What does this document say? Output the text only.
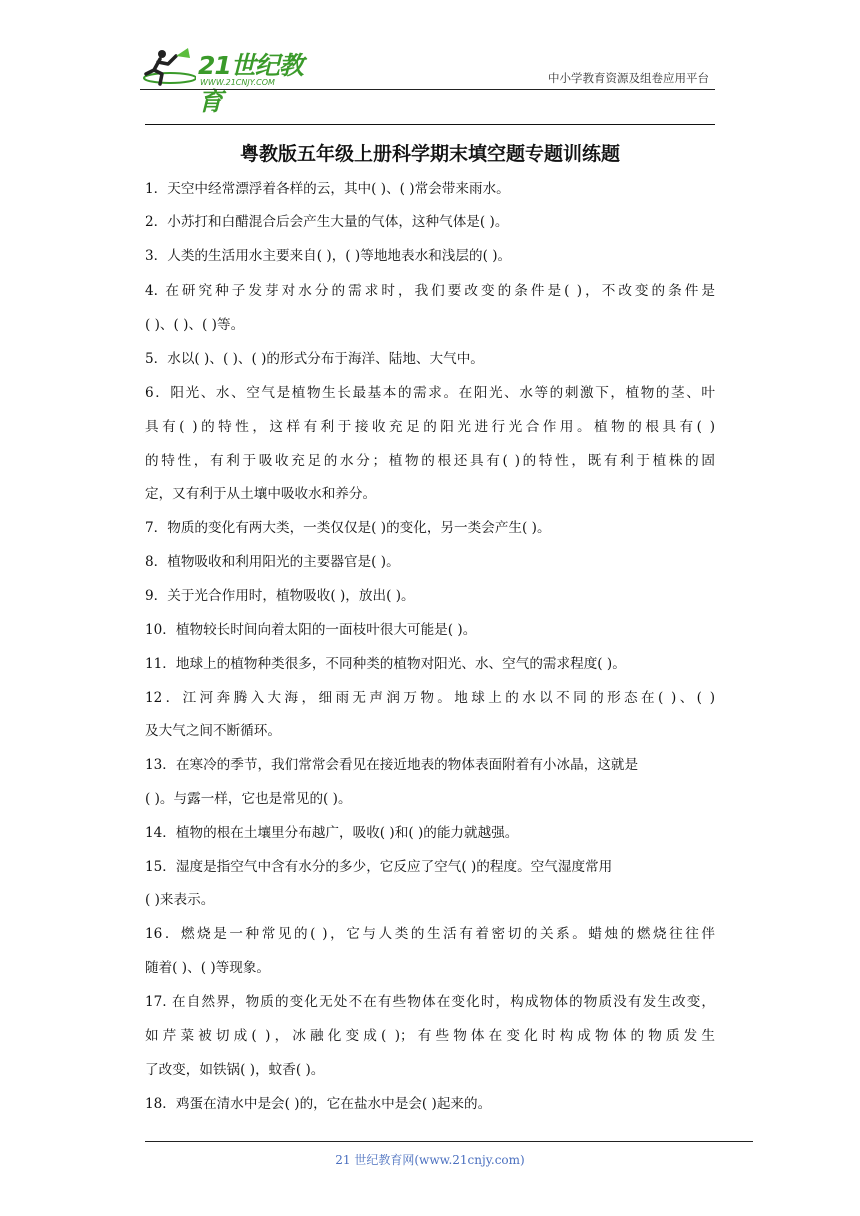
21世纪教育
WWW.21CNJY.COM	中小学教育资源及组卷应用平台
粤教版五年级上册科学期末填空题专题训练题
1．天空中经常漂浮着各样的云，其中( )、( )常会带来雨水。
2．小苏打和白醋混合后会产生大量的气体，这种气体是( )。
3．人类的生活用水主要来自( )，( )等地地表水和浅层的( )。
4. 在研究种子发芽对水分的需求时，我们要改变的条件是( )，不改变的条件是
( )、( )、( )等。
5．水以( )、( )、( )的形式分布于海洋、陆地、大气中。
6．阳光、水、空气是植物生长最基本的需求。在阳光、水等的刺激下，植物的茎、叶
具有( )的特性，这样有利于接收充足的阳光进行光合作用。植物的根具有( )
的特性，有利于吸收充足的水分；植物的根还具有( )的特性，既有利于植株的固
定，又有利于从土壤中吸收水和养分。
7．物质的变化有两大类，一类仅仅是( )的变化，另一类会产生( )。
8．植物吸收和利用阳光的主要器官是( )。
9．关于光合作用时，植物吸收( )，放出( )。
10．植物较长时间向着太阳的一面枝叶很大可能是( )。
11．地球上的植物种类很多，不同种类的植物对阳光、水、空气的需求程度( )。
12．江河奔腾入大海，细雨无声润万物。地球上的水以不同的形态在( )、( )
及大气之间不断循环。
13．在寒冷的季节，我们常常会看见在接近地表的物体表面附着有小冰晶，这就是
( )。与露一样，它也是常见的( )。
14．植物的根在土壤里分布越广，吸收( )和( )的能力就越强。
15．湿度是指空气中含有水分的多少，它反应了空气( )的程度。空气湿度常用
( )来表示。
16．燃烧是一种常见的( )，它与人类的生活有着密切的关系。蜡烛的燃烧往往伴
随着( )、( )等现象。
17. 在自然界，物质的变化无处不在有些物体在变化时，构成物体的物质没有发生改变，
如芹菜被切成( )，冰融化变成( )；有些物体在变化时构成物体的物质发生
了改变，如铁锅( )，蚊香( )。
18．鸡蛋在清水中是会( )的，它在盐水中是会( )起来的。
21 世纪教育网(www.21cnjy.com)
